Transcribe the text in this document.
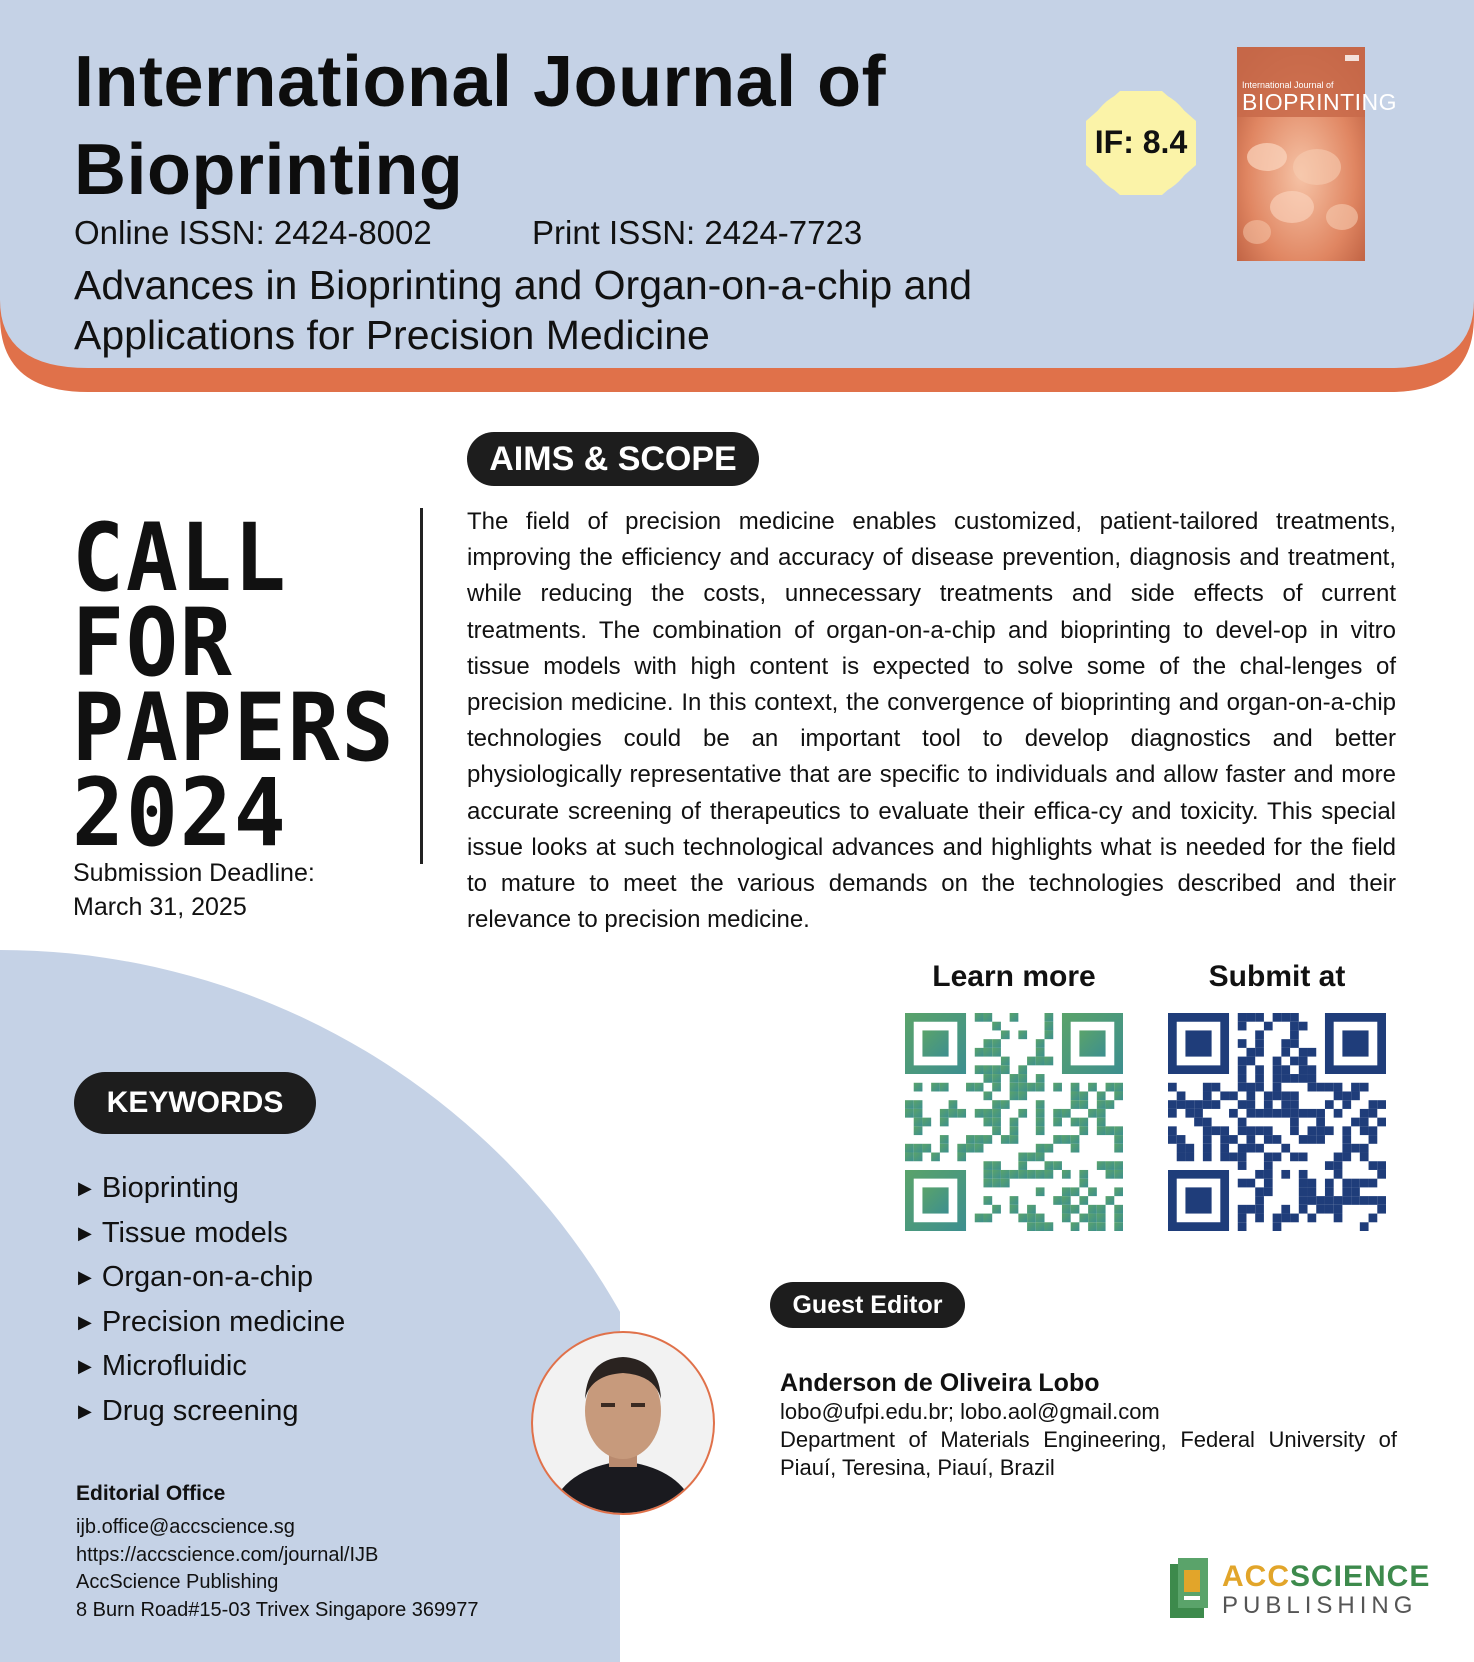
International Journal of Bioprinting
Online ISSN: 2424-8002	Print ISSN: 2424-7723
Advances in Bioprinting and Organ-on-a-chip and Applications for Precision Medicine
IF: 8.4
International Journal of
BIOPRINTING
CALL
FOR
PAPERS
2024
Submission Deadline:
March 31, 2025
AIMS & SCOPE
The field of precision medicine enables customized, patient-tailored treatments, improving the efficiency and accuracy of disease prevention, diagnosis and treatment, while reducing the costs, unnecessary treatments and side effects of current treatments. The combination of organ-on-a-chip and bioprinting to devel-op in vitro tissue models with high content is expected to solve some of the chal-lenges of precision medicine. In this context, the convergence of bioprinting and organ-on-a-chip technologies could be an important tool to develop diagnostics and better physiologically representative that are specific to individuals and allow faster and more accurate screening of therapeutics to evaluate their effica-cy and toxicity. This special issue looks at such technological advances and highlights what is needed for the field to mature to meet the various demands on the technologies described and their relevance to precision medicine.
Learn more	Submit at
KEYWORDS
▶ Bioprinting
▶ Tissue models
▶ Organ-on-a-chip
▶ Precision medicine
▶ Microfluidic
▶ Drug screening
Guest Editor
Anderson de Oliveira Lobo
lobo@ufpi.edu.br; lobo.aol@gmail.com
Department of Materials Engineering, Federal University of Piauí, Teresina, Piauí, Brazil
Editorial Office
ijb.office@accscience.sg
https://accscience.com/journal/IJB
AccScience Publishing
8 Burn Road#15-03 Trivex Singapore 369977
ACCSCIENCE
PUBLISHING
